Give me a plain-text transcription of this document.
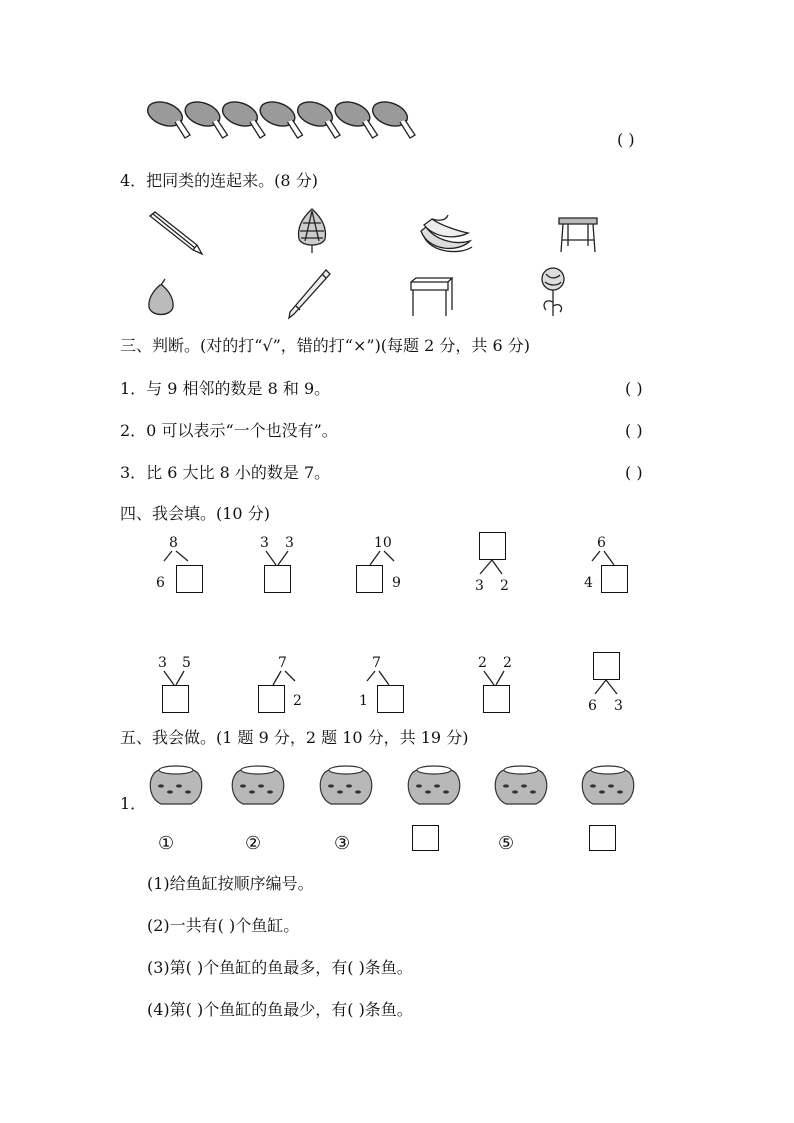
( )
4．把同类的连起来。(8 分)
三、判断。(对的打“√”，错的打“×”)(每题 2 分，共 6 分)
1．与 9 相邻的数是 8 和 9。	( )
2．0 可以表示“一个也没有”。	( )
3．比 6 大比 8 小的数是 7。	( )
四、我会填。(10 分)
8
6
3 3	10
9	3 2
6
4
3 5	7
2
7
1
2 2
6 3
五、我会做。(1 题 9 分，2 题 10 分，共 19 分)
1．
①	②	③	⑤
(1)给鱼缸按顺序编号。
(2)一共有( )个鱼缸。
(3)第( )个鱼缸的鱼最多，有( )条鱼。
(4)第( )个鱼缸的鱼最少，有( )条鱼。
